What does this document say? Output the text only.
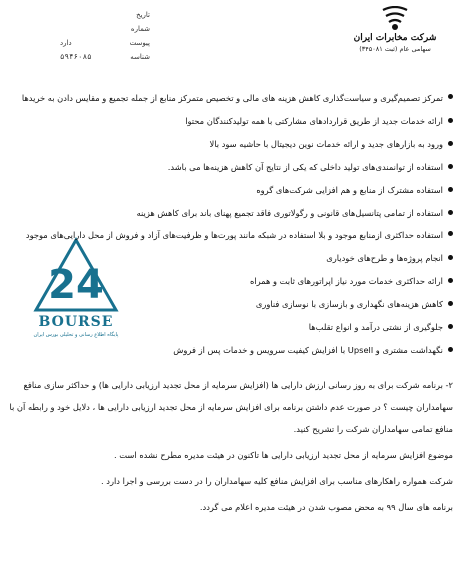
تاریخ
شماره
پیوست
دارد
شناسه
۵۹۴۶۰۸۵
شرکت مخابرات ایران
سهامی عام (ثبت ۳۴۵۰۸۱)
24
BOURSE
پایگاه اطلاع رسانی و تحلیلی بورس ایران
تمرکز تصمیم‌گیری و سیاست‌گذاری کاهش هزینه های مالی و تخصیص متمرکز منابع از جمله تجمیع و مقایس دادن به خریدها
ارائه خدمات جدید از طریق قراردادهای مشارکتی با همه تولیدکنندگان محتوا
ورود به بازارهای جدید و ارائه خدمات نوین دیجیتال با حاشیه سود بالا
استفاده از توانمندی‌های تولید داخلی که یکی از نتایج آن کاهش هزینه‌ها می باشد.
استفاده مشترک از منابع و هم افزایی شرکت‌های گروه
استفاده از تمامی پتانسیل‌های قانونی و رگولاتوری فاقد تجمیع پهنای باند برای کاهش هزینه
استفاده حداکثری ازمنابع موجود و بلا استفاده در شبکه مانند پورت‌ها و ظرفیت‌های آزاد و فروش از محل دارایی‌های موجود
انجام پروژه‌ها و طرح‌های خودیاری
ارائه حداکثری خدمات مورد نیاز اپراتورهای ثابت و همراه
کاهش هزینه‌های نگهداری و بازسازی با نوسازی فناوری
جلوگیری از نشتی درآمد و انواع تقلب‌ها
نگهداشت مشتری و Upsell با افزایش کیفیت سرویس و خدمات پس از فروش
۲- برنامه شرکت برای به روز رسانی ارزش دارایی ها (افزایش سرمایه از محل تجدید ارزیابی دارایی ها) و حداکثر سازی منافع سهامداران چیست ؟ در صورت عدم داشتن برنامه برای افزایش سرمایه از محل تجدید ارزیابی دارایی ها ، دلایل خود و رابطه آن با منافع تمامی سهامداران شرکت را تشریح کنید.
موضوع افزایش سرمایه از محل تجدید ارزیابی دارایی ها تاکنون در هیئت مدیره مطرح نشده است .
شرکت همواره راهکارهای مناسب برای افزایش منافع کلیه سهامداران را در دست بررسی و اجرا دارد .
برنامه های سال ۹۹ به محض مصوب شدن در هیئت مدیره اعلام می گردد.
